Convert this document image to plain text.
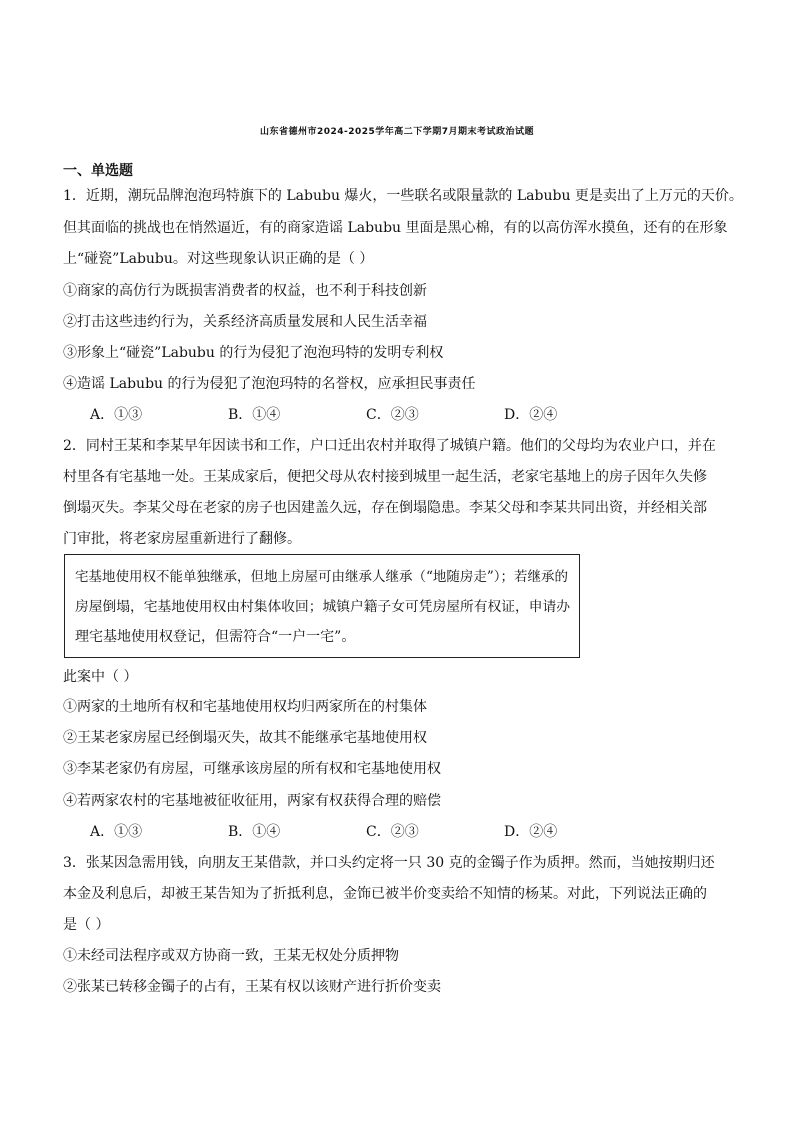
山东省德州市2024-2025学年高二下学期7月期末考试政治试题
一、单选题
1．近期，潮玩品牌泡泡玛特旗下的 Labubu 爆火，一些联名或限量款的 Labubu 更是卖出了上万元的天价。
但其面临的挑战也在悄然逼近，有的商家造谣 Labubu 里面是黑心棉，有的以高仿浑水摸鱼，还有的在形象
上“碰瓷”Labubu。对这些现象认识正确的是（ ）
①商家的高仿行为既损害消费者的权益，也不利于科技创新
②打击这些违约行为，关系经济高质量发展和人民生活幸福
③形象上“碰瓷”Labubu 的行为侵犯了泡泡玛特的发明专利权
④造谣 Labubu 的行为侵犯了泡泡玛特的名誉权，应承担民事责任
A．①③	B．①④	C．②③	D．②④
2．同村王某和李某早年因读书和工作，户口迁出农村并取得了城镇户籍。他们的父母均为农业户口，并在
村里各有宅基地一处。王某成家后，便把父母从农村接到城里一起生活，老家宅基地上的房子因年久失修
倒塌灭失。李某父母在老家的房子也因建盖久远，存在倒塌隐患。李某父母和李某共同出资，并经相关部
门审批，将老家房屋重新进行了翻修。
宅基地使用权不能单独继承，但地上房屋可由继承人继承（“地随房走”）；若继承的
房屋倒塌，宅基地使用权由村集体收回；城镇户籍子女可凭房屋所有权证，申请办
理宅基地使用权登记，但需符合“一户一宅”。
此案中（ ）
①两家的土地所有权和宅基地使用权均归两家所在的村集体
②王某老家房屋已经倒塌灭失，故其不能继承宅基地使用权
③李某老家仍有房屋，可继承该房屋的所有权和宅基地使用权
④若两家农村的宅基地被征收征用，两家有权获得合理的赔偿
A．①③	B．①④	C．②③	D．②④
3．张某因急需用钱，向朋友王某借款，并口头约定将一只 30 克的金镯子作为质押。然而，当她按期归还
本金及利息后，却被王某告知为了折抵利息，金饰已被半价变卖给不知情的杨某。对此，下列说法正确的
是（ ）
①未经司法程序或双方协商一致，王某无权处分质押物
②张某已转移金镯子的占有，王某有权以该财产进行折价变卖
